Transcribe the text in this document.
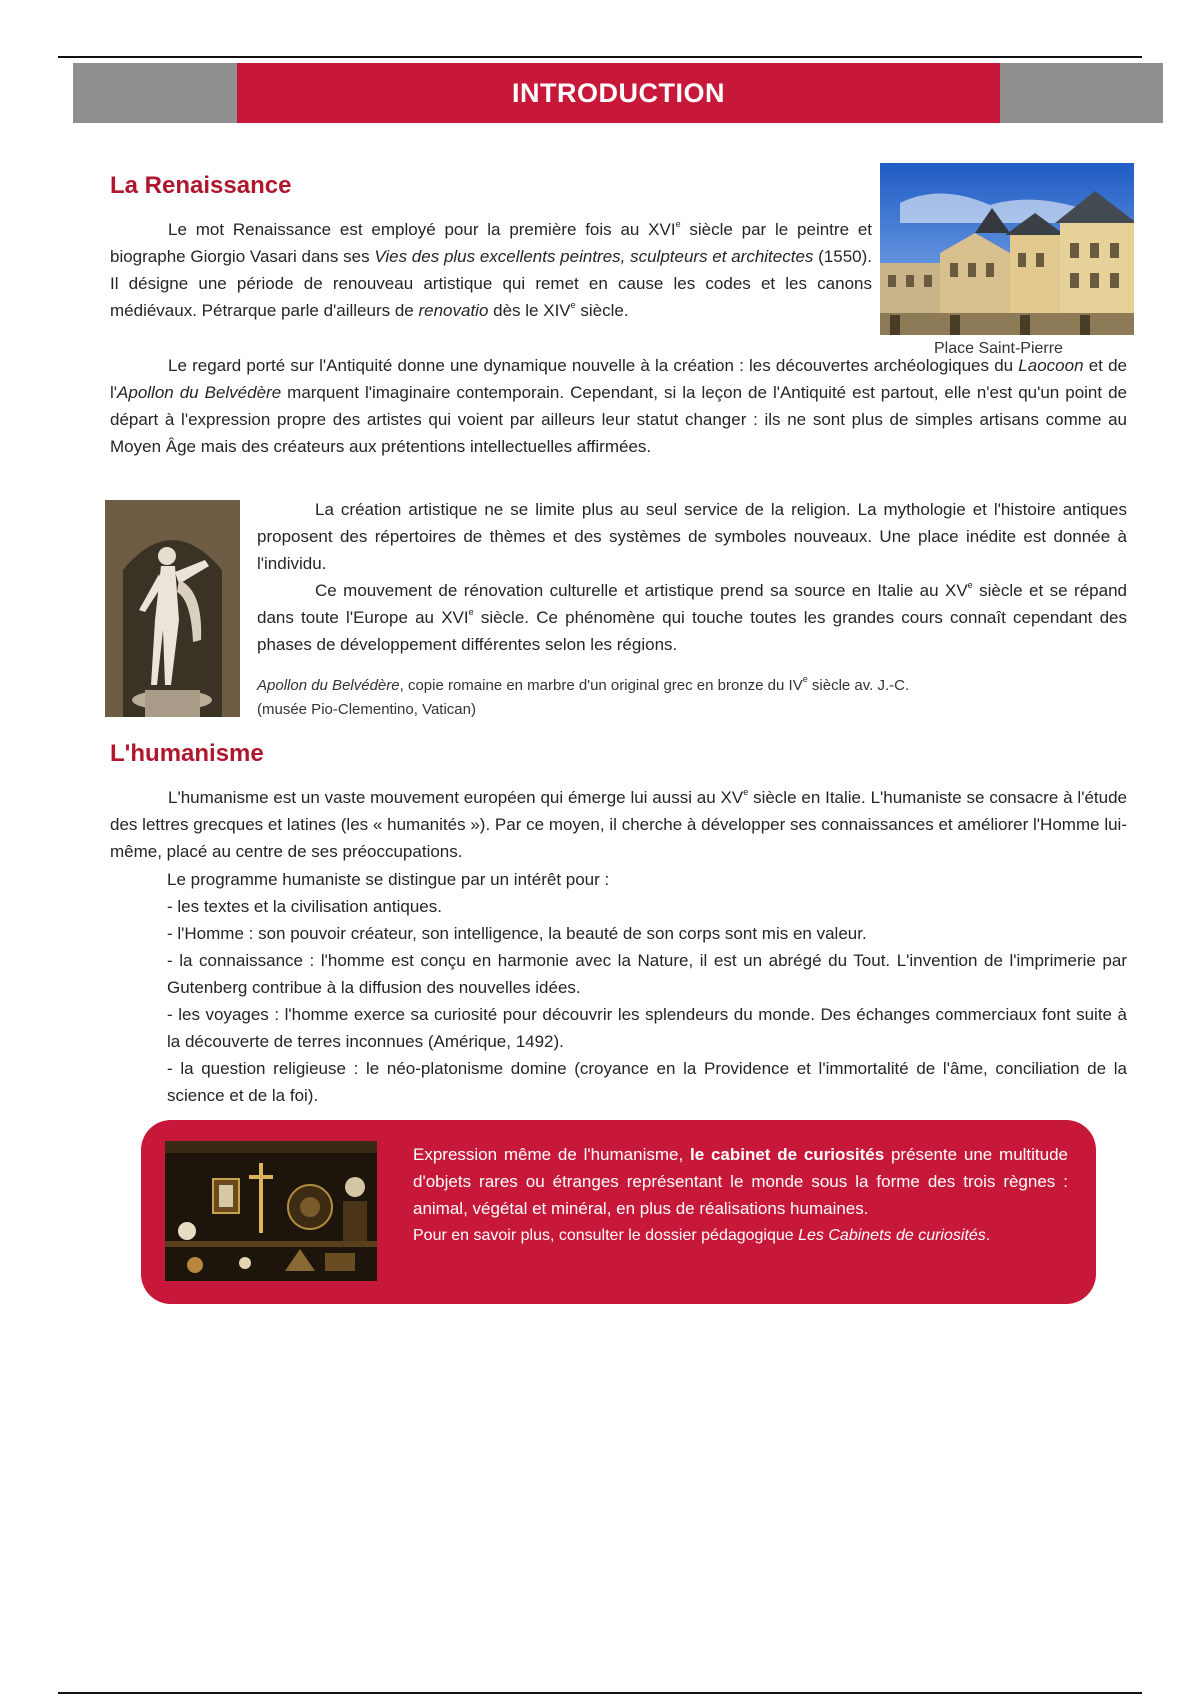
INTRODUCTION
La Renaissance

Le mot Renaissance est employé pour la première fois au XVIe siècle par le peintre et biographe Giorgio Vasari dans ses Vies des plus excellents peintres, sculpteurs et architectes (1550). Il désigne une période de renouveau artistique qui remet en cause les codes et les canons médiévaux. Pétrarque parle d'ailleurs de renovatio dès le XIVe siècle.

Place Saint-Pierre

Le regard porté sur l'Antiquité donne une dynamique nouvelle à la création : les découvertes archéologiques du Laocoon et de l'Apollon du Belvédère marquent l'imaginaire contemporain. Cependant, si la leçon de l'Antiquité est partout, elle n'est qu'un point de départ à l'expression propre des artistes qui voient par ailleurs leur statut changer : ils ne sont plus de simples artisans comme au Moyen Âge mais des créateurs aux prétentions intellectuelles affirmées.

La création artistique ne se limite plus au seul service de la religion. La mythologie et l'histoire antiques proposent des répertoires de thèmes et des systèmes de symboles nouveaux. Une place inédite est donnée à l'individu.

Ce mouvement de rénovation culturelle et artistique prend sa source en Italie au XVe siècle et se répand dans toute l'Europe au XVIe siècle. Ce phénomène qui touche toutes les grandes cours connaît cependant des phases de développement différentes selon les régions.

Apollon du Belvédère, copie romaine en marbre d'un original grec en bronze du IVe siècle av. J.-C.
(musée Pio-Clementino, Vatican)

L'humanisme

L'humanisme est un vaste mouvement européen qui émerge lui aussi au XVe siècle en Italie. L'humaniste se consacre à l'étude des lettres grecques et latines (les « humanités »). Par ce moyen, il cherche à développer ses connaissances et améliorer l'Homme lui-même, placé au centre de ses préoccupations.

Le programme humaniste se distingue par un intérêt pour :

- les textes et la civilisation antiques.
- l'Homme : son pouvoir créateur, son intelligence, la beauté de son corps sont mis en valeur.
- la connaissance : l'homme est conçu en harmonie avec la Nature, il est un abrégé du Tout. L'invention de l'imprimerie par Gutenberg contribue à la diffusion des nouvelles idées.
- les voyages : l'homme exerce sa curiosité pour découvrir les splendeurs du monde. Des échanges commerciaux font suite à la découverte de terres inconnues (Amérique, 1492).
- la question religieuse : le néo-platonisme domine (croyance en la Providence et l'immortalité de l'âme, conciliation de la science et de la foi).
Expression même de l'humanisme, le cabinet de curiosités présente une multitude d'objets rares ou étranges représentant le monde sous la forme des trois règnes : animal, végétal et minéral, en plus de réalisations humaines.
Pour en savoir plus, consulter le dossier pédagogique Les Cabinets de curiosités.
